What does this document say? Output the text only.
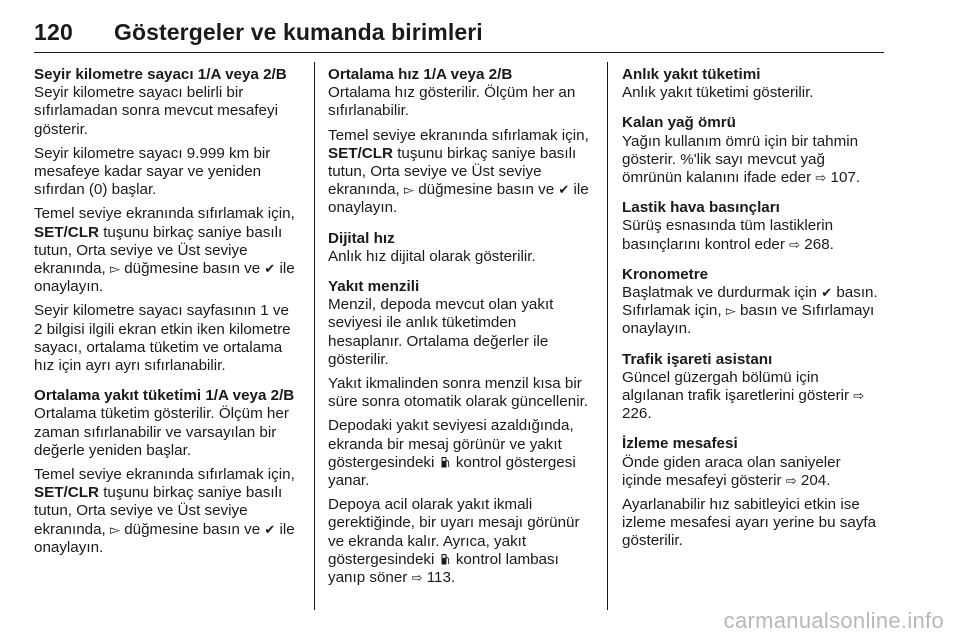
120 Göstergeler ve kumanda birimleri
Seyir kilometre sayacı 1/A veya 2/B

Seyir kilometre sayacı belirli bir sıfırlamadan sonra mevcut mesafeyi gösterir.

Seyir kilometre sayacı 9.999 km bir mesafeye kadar sayar ve yeniden sıfırdan (0) başlar.

Temel seviye ekranında sıfırlamak için, SET/CLR tuşunu birkaç saniye basılı tutun, Orta seviye ve Üst seviye ekranında, ▻ düğmesine basın ve ✔ ile onaylayın.

Seyir kilometre sayacı sayfasının 1 ve 2 bilgisi ilgili ekran etkin iken kilometre sayacı, ortalama tüketim ve ortalama hız için ayrı ayrı sıfırlanabilir.

Ortalama yakıt tüketimi 1/A veya 2/B

Ortalama tüketim gösterilir. Ölçüm her zaman sıfırlanabilir ve varsayılan bir değerle yeniden başlar.

Temel seviye ekranında sıfırlamak için, SET/CLR tuşunu birkaç saniye basılı tutun, Orta seviye ve Üst seviye ekranında, ▻ düğmesine basın ve ✔ ile onaylayın.

Ortalama hız 1/A veya 2/B

Ortalama hız gösterilir. Ölçüm her an sıfırlanabilir.

Temel seviye ekranında sıfırlamak için, SET/CLR tuşunu birkaç saniye basılı tutun, Orta seviye ve Üst seviye ekranında, ▻ düğmesine basın ve ✔ ile onaylayın.

Dijital hız

Anlık hız dijital olarak gösterilir.

Yakıt menzili

Menzil, depoda mevcut olan yakıt seviyesi ile anlık tüketimden hesaplanır. Ortalama değerler ile gösterilir.

Yakıt ikmalinden sonra menzil kısa bir süre sonra otomatik olarak güncellenir.

Depodaki yakıt seviyesi azaldığında, ekranda bir mesaj görünür ve yakıt göstergesindeki  kontrol göstergesi yanar.

Depoya acil olarak yakıt ikmali gerektiğinde, bir uyarı mesajı görünür ve ekranda kalır. Ayrıca, yakıt göstergesindeki  kontrol lambası yanıp söner ⇨ 113.

Anlık yakıt tüketimi

Anlık yakıt tüketimi gösterilir.

Kalan yağ ömrü

Yağın kullanım ömrü için bir tahmin gösterir. %'lik sayı mevcut yağ ömrünün kalanını ifade eder ⇨ 107.

Lastik hava basınçları

Sürüş esnasında tüm lastiklerin basınçlarını kontrol eder ⇨ 268.

Kronometre

Başlatmak ve durdurmak için ✔ basın. Sıfırlamak için, ▻ basın ve Sıfırlamayı onaylayın.

Trafik işareti asistanı

Güncel güzergah bölümü için algılanan trafik işaretlerini gösterir ⇨ 226.

İzleme mesafesi

Önde giden araca olan saniyeler içinde mesafeyi gösterir ⇨ 204.

Ayarlanabilir hız sabitleyici etkin ise izleme mesafesi ayarı yerine bu sayfa gösterilir.

carmanualsonline.info
